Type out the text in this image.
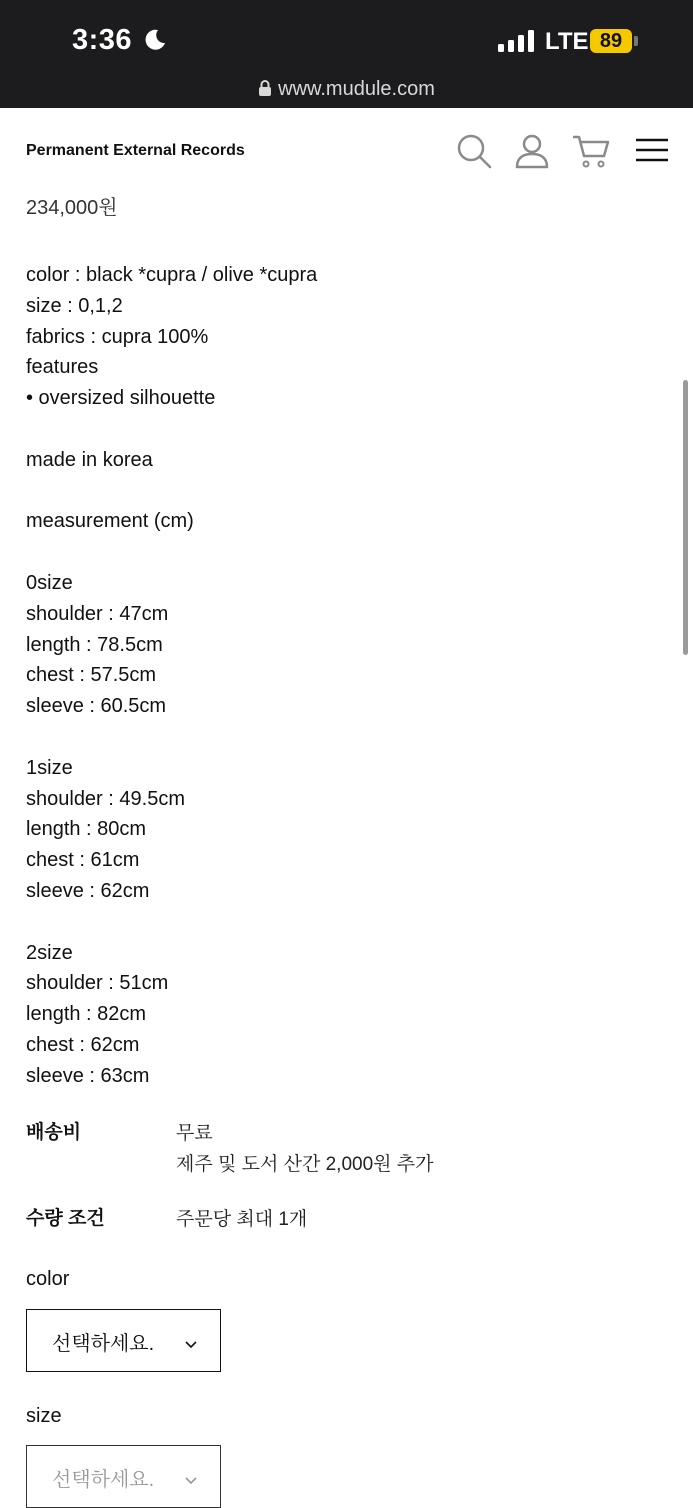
3:36	LTE 89
www.mudule.com
Permanent External Records
234,000원
color : black *cupra / olive *cupra
size : 0,1,2
fabrics : cupra 100%
features
• oversized silhouette
made in korea
measurement (cm)
0size
shoulder : 47cm
length : 78.5cm
chest : 57.5cm
sleeve : 60.5cm
1size
shoulder : 49.5cm
length : 80cm
chest : 61cm
sleeve : 62cm
2size
shoulder : 51cm
length : 82cm
chest : 62cm
sleeve : 63cm
배송비	무료
제주 및 도서 산간 2,000원 추가
수량 조건	주문당 최대 1개
color
선택하세요.
size
선택하세요.
